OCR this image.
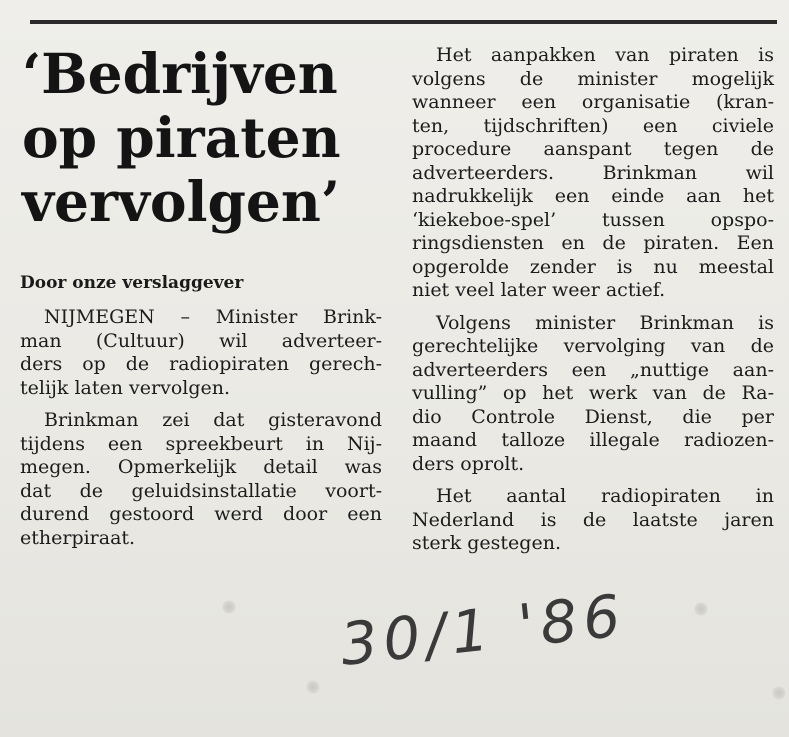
‘Bedrijven
op piraten
vervolgen’
Door onze verslaggever
NIJMEGEN – Minister Brink-
man (Cultuur) wil adverteer-
ders op de radiopiraten gerech-
telijk laten vervolgen.
Brinkman zei dat gisteravond
tijdens een spreekbeurt in Nij-
megen. Opmerkelijk detail was
dat de geluidsinstallatie voort-
durend gestoord werd door een
etherpiraat.
Het aanpakken van piraten is
volgens de minister mogelijk
wanneer een organisatie (kran-
ten, tijdschriften) een civiele
procedure aanspant tegen de
adverteerders. Brinkman wil
nadrukkelijk een einde aan het
‘kiekeboe-spel’ tussen opspo-
ringsdiensten en de piraten. Een
opgerolde zender is nu meestal
niet veel later weer actief.
Volgens minister Brinkman is
gerechtelijke vervolging van de
adverteerders een „nuttige aan-
vulling” op het werk van de Ra-
dio Controle Dienst, die per
maand talloze illegale radiozen-
ders oprolt.
Het aantal radiopiraten in
Nederland is de laatste jaren
sterk gestegen.
30/1 '86
